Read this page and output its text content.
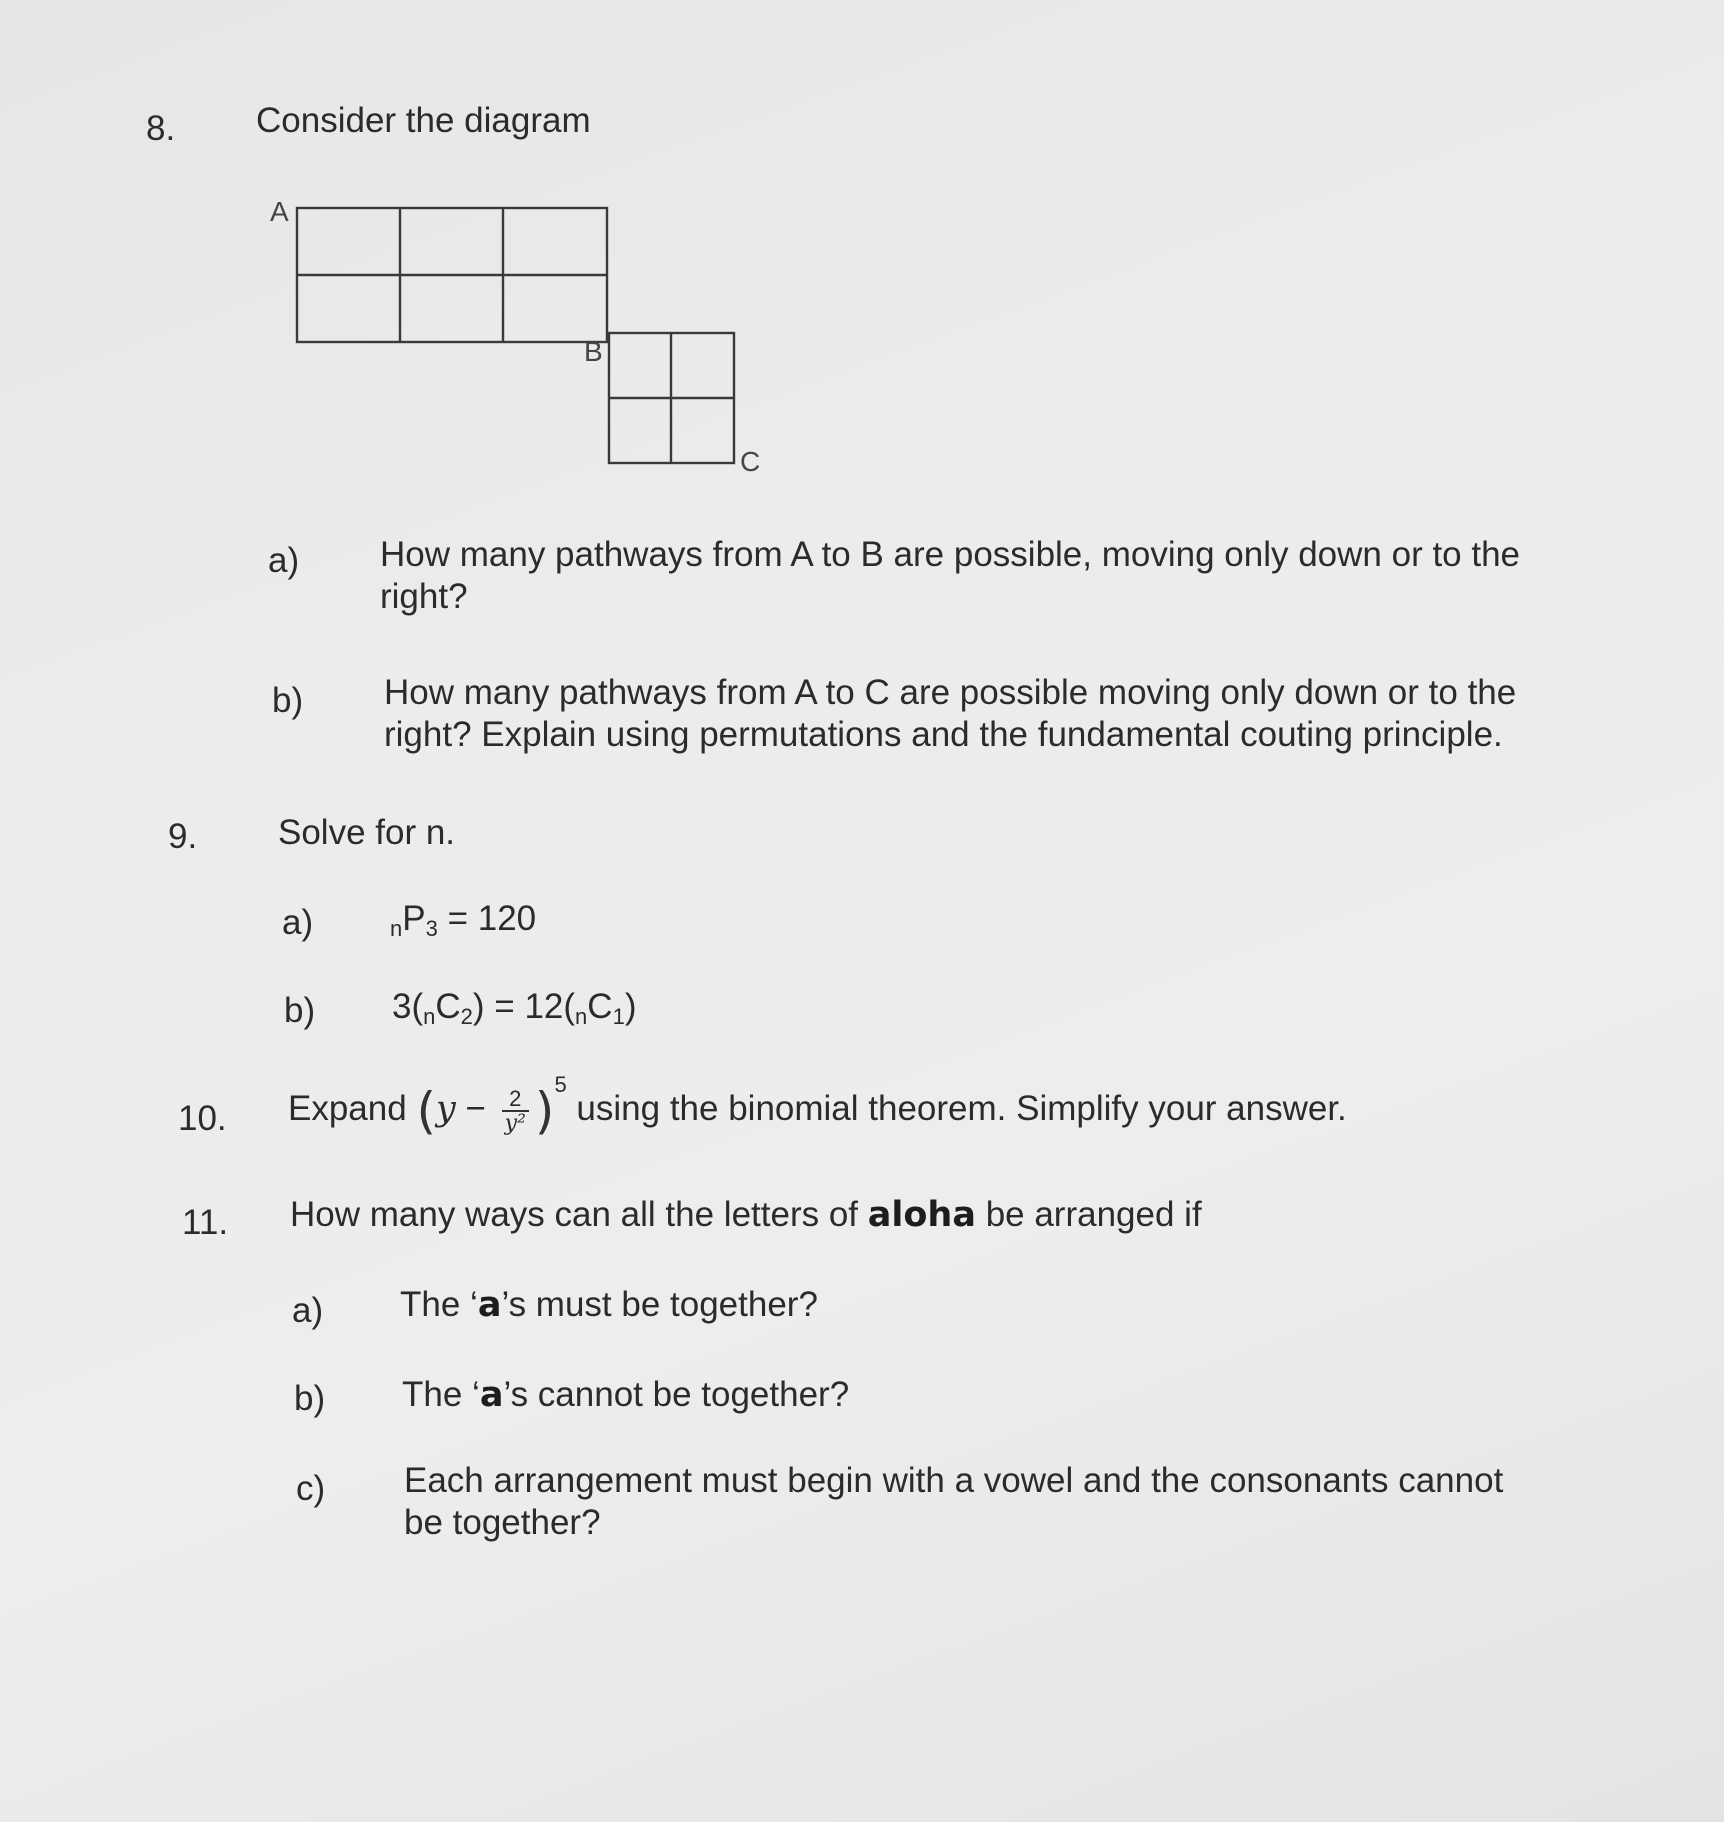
8. Consider the diagram
A
B
C
a) How many pathways from A to B are possible, moving only down or to the right?
b) How many pathways from A to C are possible moving only down or to the right? Explain using permutations and the fundamental couting principle.
9. Solve for n.
a)	$_nP_3 = 120$
b) $3(_nC_2) = 12(_nC_1)$
10. Expand $(y - \frac{2}{\text{y²}} )^5$ using the binomial theorem. Simplify your answer.
11. How many ways can all the letters of aloha be arranged if
a) The ‘a’s must be together?
b) The ‘a’s cannot be together?
c) Each arrangement must begin with a vowel and the consonants cannot be together?
